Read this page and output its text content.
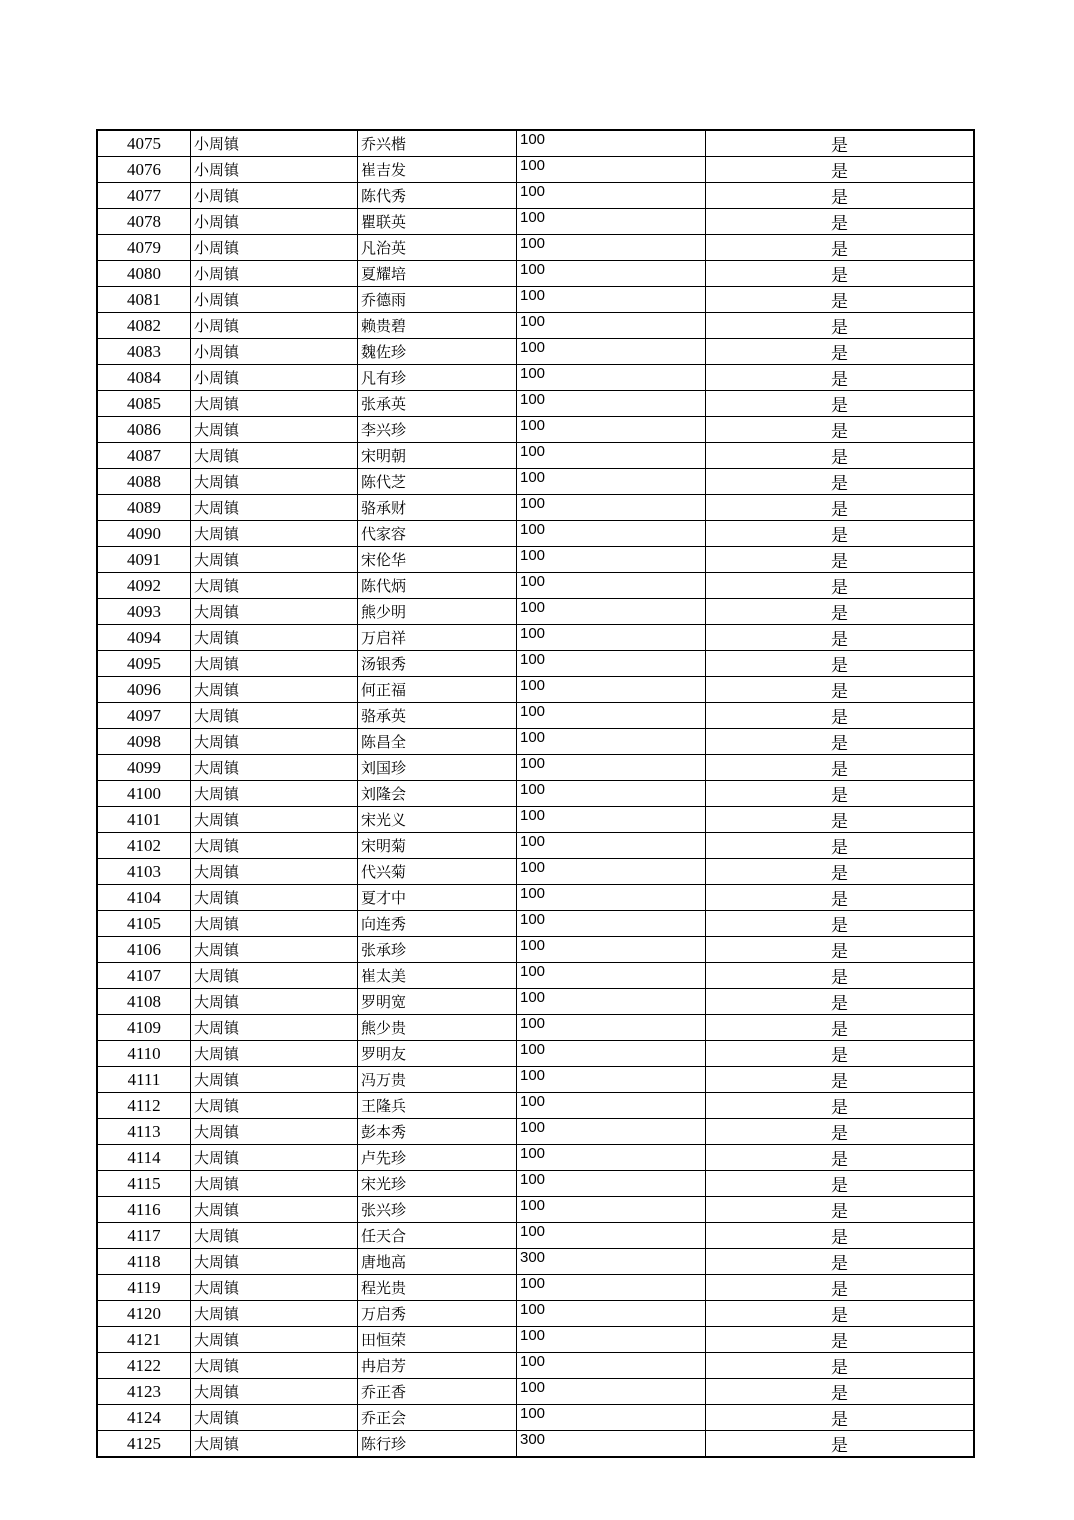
4075	小周镇	乔兴楷	100	是
4076	小周镇	崔吉发	100	是
4077	小周镇	陈代秀	100	是
4078	小周镇	瞿联英	100	是
4079	小周镇	凡治英	100	是
4080	小周镇	夏耀培	100	是
4081	小周镇	乔德雨	100	是
4082	小周镇	赖贵碧	100	是
4083	小周镇	魏佐珍	100	是
4084	小周镇	凡有珍	100	是
4085	大周镇	张承英	100	是
4086	大周镇	李兴珍	100	是
4087	大周镇	宋明朝	100	是
4088	大周镇	陈代芝	100	是
4089	大周镇	骆承财	100	是
4090	大周镇	代家容	100	是
4091	大周镇	宋伦华	100	是
4092	大周镇	陈代炳	100	是
4093	大周镇	熊少明	100	是
4094	大周镇	万启祥	100	是
4095	大周镇	汤银秀	100	是
4096	大周镇	何正福	100	是
4097	大周镇	骆承英	100	是
4098	大周镇	陈昌全	100	是
4099	大周镇	刘国珍	100	是
4100	大周镇	刘隆会	100	是
4101	大周镇	宋光义	100	是
4102	大周镇	宋明菊	100	是
4103	大周镇	代兴菊	100	是
4104	大周镇	夏才中	100	是
4105	大周镇	向连秀	100	是
4106	大周镇	张承珍	100	是
4107	大周镇	崔太美	100	是
4108	大周镇	罗明宽	100	是
4109	大周镇	熊少贵	100	是
4110	大周镇	罗明友	100	是
4111	大周镇	冯万贵	100	是
4112	大周镇	王隆兵	100	是
4113	大周镇	彭本秀	100	是
4114	大周镇	卢先珍	100	是
4115	大周镇	宋光珍	100	是
4116	大周镇	张兴珍	100	是
4117	大周镇	任天合	100	是
4118	大周镇	唐地高	300	是
4119	大周镇	程光贵	100	是
4120	大周镇	万启秀	100	是
4121	大周镇	田恒荣	100	是
4122	大周镇	冉启芳	100	是
4123	大周镇	乔正香	100	是
4124	大周镇	乔正会	100	是
4125	大周镇	陈行珍	300	是
